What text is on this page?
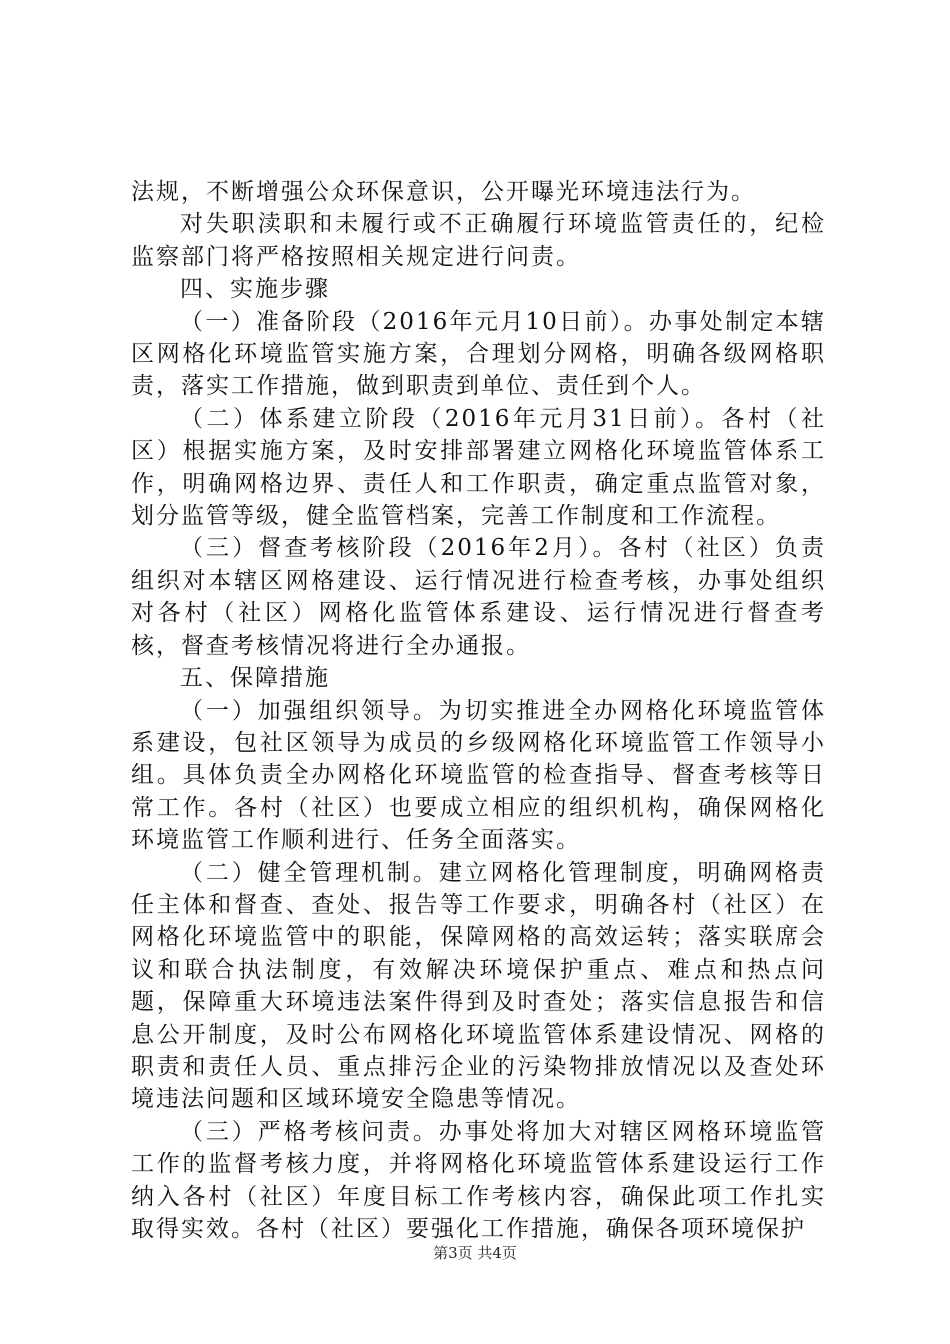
法规，不断增强公众环保意识，公开曝光环境违法行为。

对失职渎职和未履行或不正确履行环境监管责任的，纪检监察部门将严格按照相关规定进行问责。

四、实施步骤

（一）准备阶段（2016年元月10日前）。办事处制定本辖区网格化环境监管实施方案，合理划分网格，明确各级网格职责，落实工作措施，做到职责到单位、责任到个人。

（二）体系建立阶段（2016年元月31日前）。各村（社区）根据实施方案，及时安排部署建立网格化环境监管体系工作，明确网格边界、责任人和工作职责，确定重点监管对象，划分监管等级，健全监管档案，完善工作制度和工作流程。

（三）督查考核阶段（2016年2月）。各村（社区）负责组织对本辖区网格建设、运行情况进行检查考核，办事处组织对各村（社区）网格化监管体系建设、运行情况进行督查考核，督查考核情况将进行全办通报。

五、保障措施

（一）加强组织领导。为切实推进全办网格化环境监管体系建设，包社区领导为成员的乡级网格化环境监管工作领导小组。具体负责全办网格化环境监管的检查指导、督查考核等日常工作。各村（社区）也要成立相应的组织机构，确保网格化环境监管工作顺利进行、任务全面落实。

（二）健全管理机制。建立网格化管理制度，明确网格责任主体和督查、查处、报告等工作要求，明确各村（社区）在网格化环境监管中的职能，保障网格的高效运转；落实联席会议和联合执法制度，有效解决环境保护重点、难点和热点问题，保障重大环境违法案件得到及时查处；落实信息报告和信息公开制度，及时公布网格化环境监管体系建设情况、网格的职责和责任人员、重点排污企业的污染物排放情况以及查处环境违法问题和区域环境安全隐患等情况。

（三）严格考核问责。办事处将加大对辖区网格环境监管工作的监督考核力度，并将网格化环境监管体系建设运行工作纳入各村（社区）年度目标工作考核内容，确保此项工作扎实取得实效。各村（社区）要强化工作措施，确保各项环境保护

第3页 共4页
